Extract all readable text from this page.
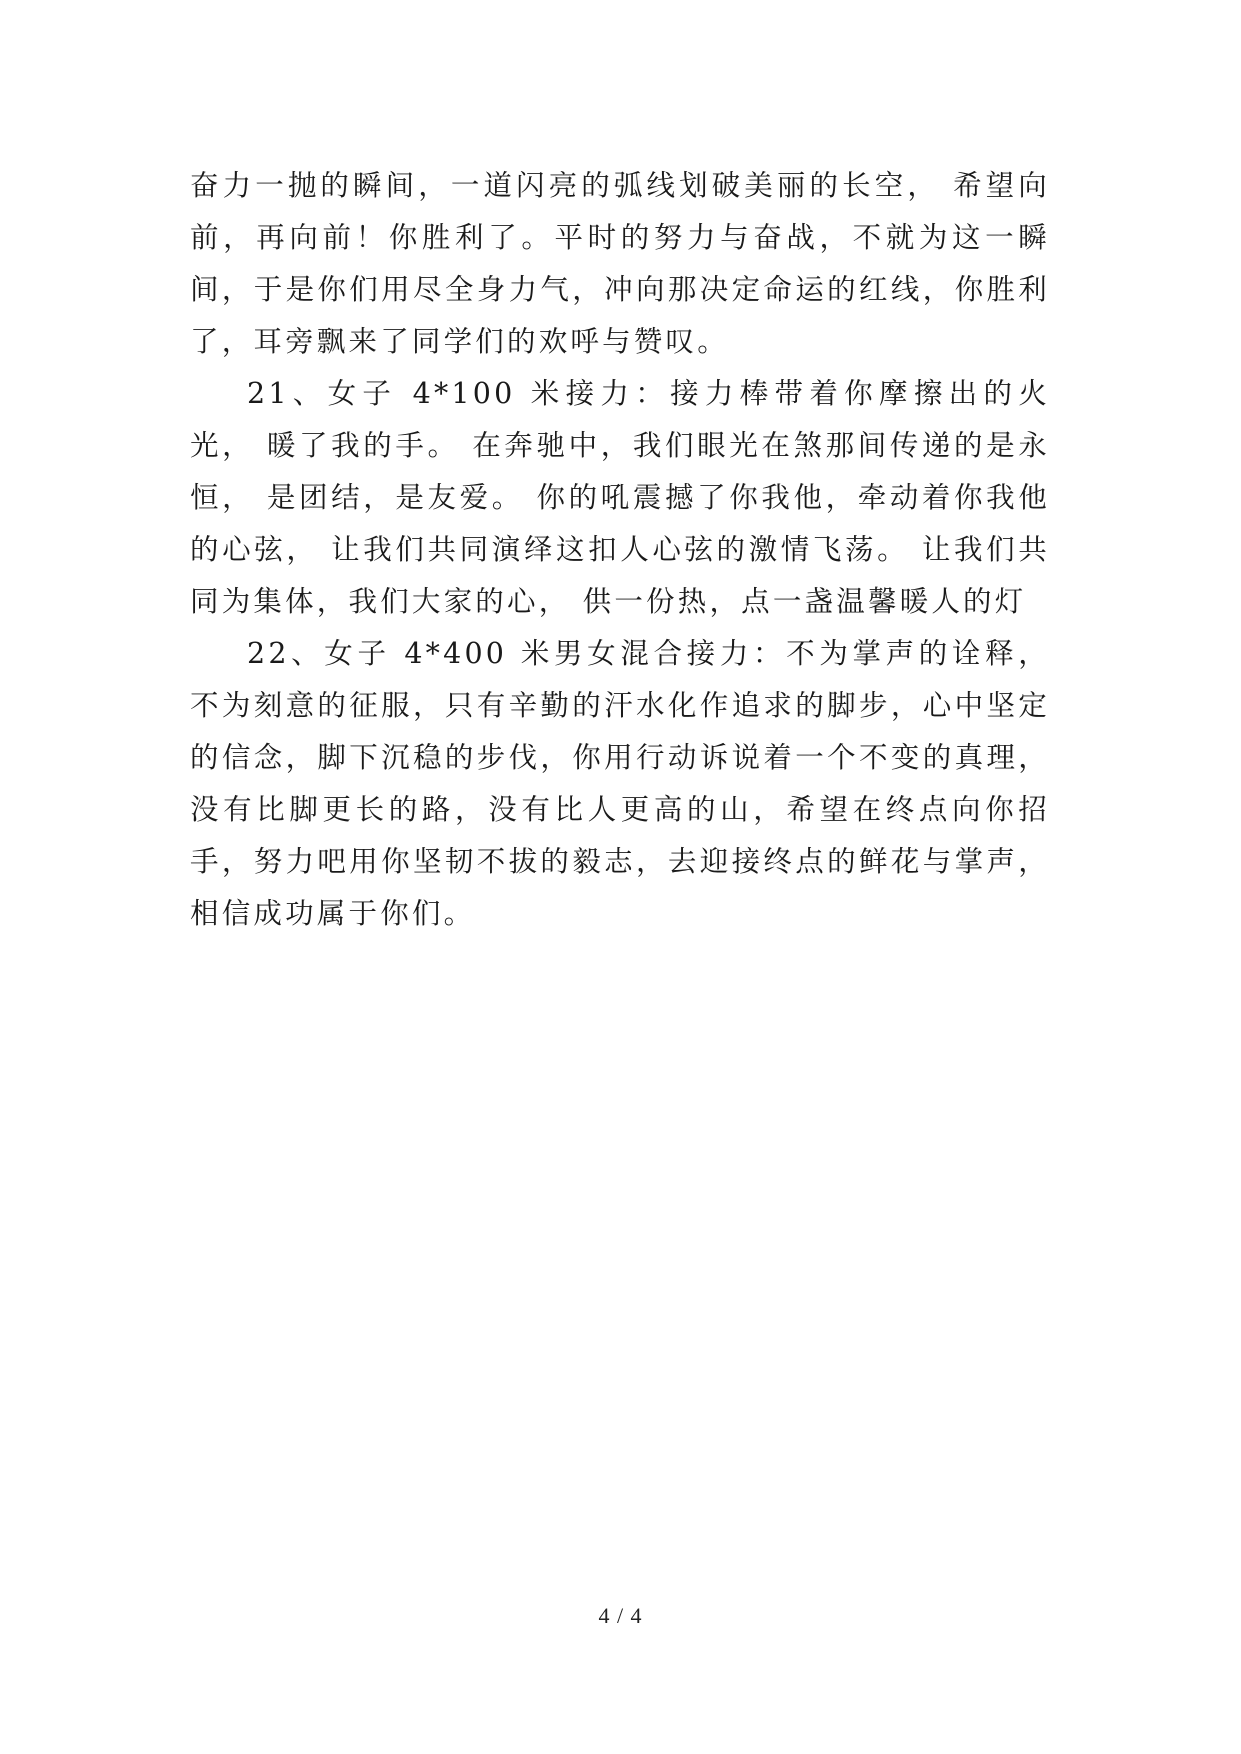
奋力一抛的瞬间，一道闪亮的弧线划破美丽的长空， 希望向前，再向前！你胜利了。平时的努力与奋战，不就为这一瞬间，于是你们用尽全身力气，冲向那决定命运的红线，你胜利了，耳旁飘来了同学们的欢呼与赞叹。

21、女子 4*100 米接力：接力棒带着你摩擦出的火光， 暖了我的手。 在奔驰中，我们眼光在煞那间传递的是永恒， 是团结，是友爱。 你的吼震撼了你我他，牵动着你我他的心弦， 让我们共同演绎这扣人心弦的激情飞荡。 让我们共同为集体，我们大家的心， 供一份热，点一盏温馨暖人的灯

22、女子 4*400 米男女混合接力：不为掌声的诠释，不为刻意的征服，只有辛勤的汗水化作追求的脚步，心中坚定的信念，脚下沉稳的步伐，你用行动诉说着一个不变的真理，没有比脚更长的路，没有比人更高的山，希望在终点向你招手，努力吧用你坚韧不拔的毅志，去迎接终点的鲜花与掌声，相信成功属于你们。

4 / 4
